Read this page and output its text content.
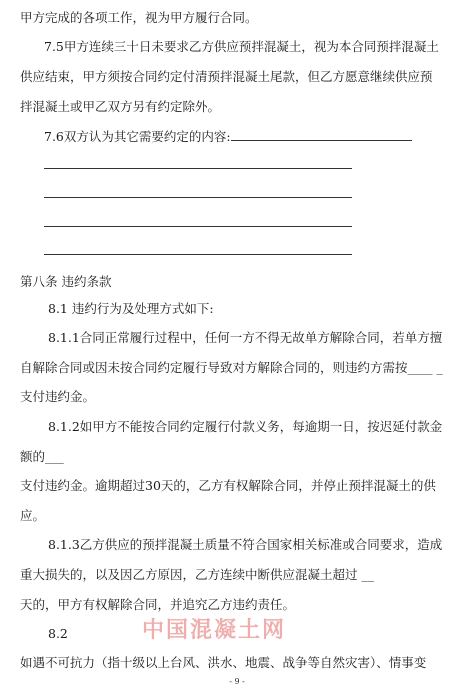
甲方完成的各项工作，视为甲方履行合同。
7.5甲方连续三十日未要求乙方供应预拌混凝土，视为本合同预拌混凝土
供应结束，甲方须按合同约定付清预拌混凝土尾款，但乙方愿意继续供应预
拌混凝土或甲乙双方另有约定除外。
7.6双方认为其它需要约定的内容:
第八条 违约条款
8.1 违约行为及处理方式如下:
8.1.1合同正常履行过程中，任何一方不得无故单方解除合同，若单方擅
自解除合同或因未按合同约定履行导致对方解除合同的，则违约方需按____ _
支付违约金。
8.1.2如甲方不能按合同约定履行付款义务，每逾期一日，按迟延付款金
额的___
支付违约金。逾期超过30天的，乙方有权解除合同，并停止预拌混凝土的供
应。
8.1.3乙方供应的预拌混凝土质量不符合国家相关标准或合同要求，造成
重大损失的，以及因乙方原因，乙方连续中断供应混凝土超过 __
天的，甲方有权解除合同，并追究乙方违约责任。
8.2
如遇不可抗力（指十级以上台风、洪水、地震、战争等自然灾害）、情事变
中国混凝土网
- 9 -
